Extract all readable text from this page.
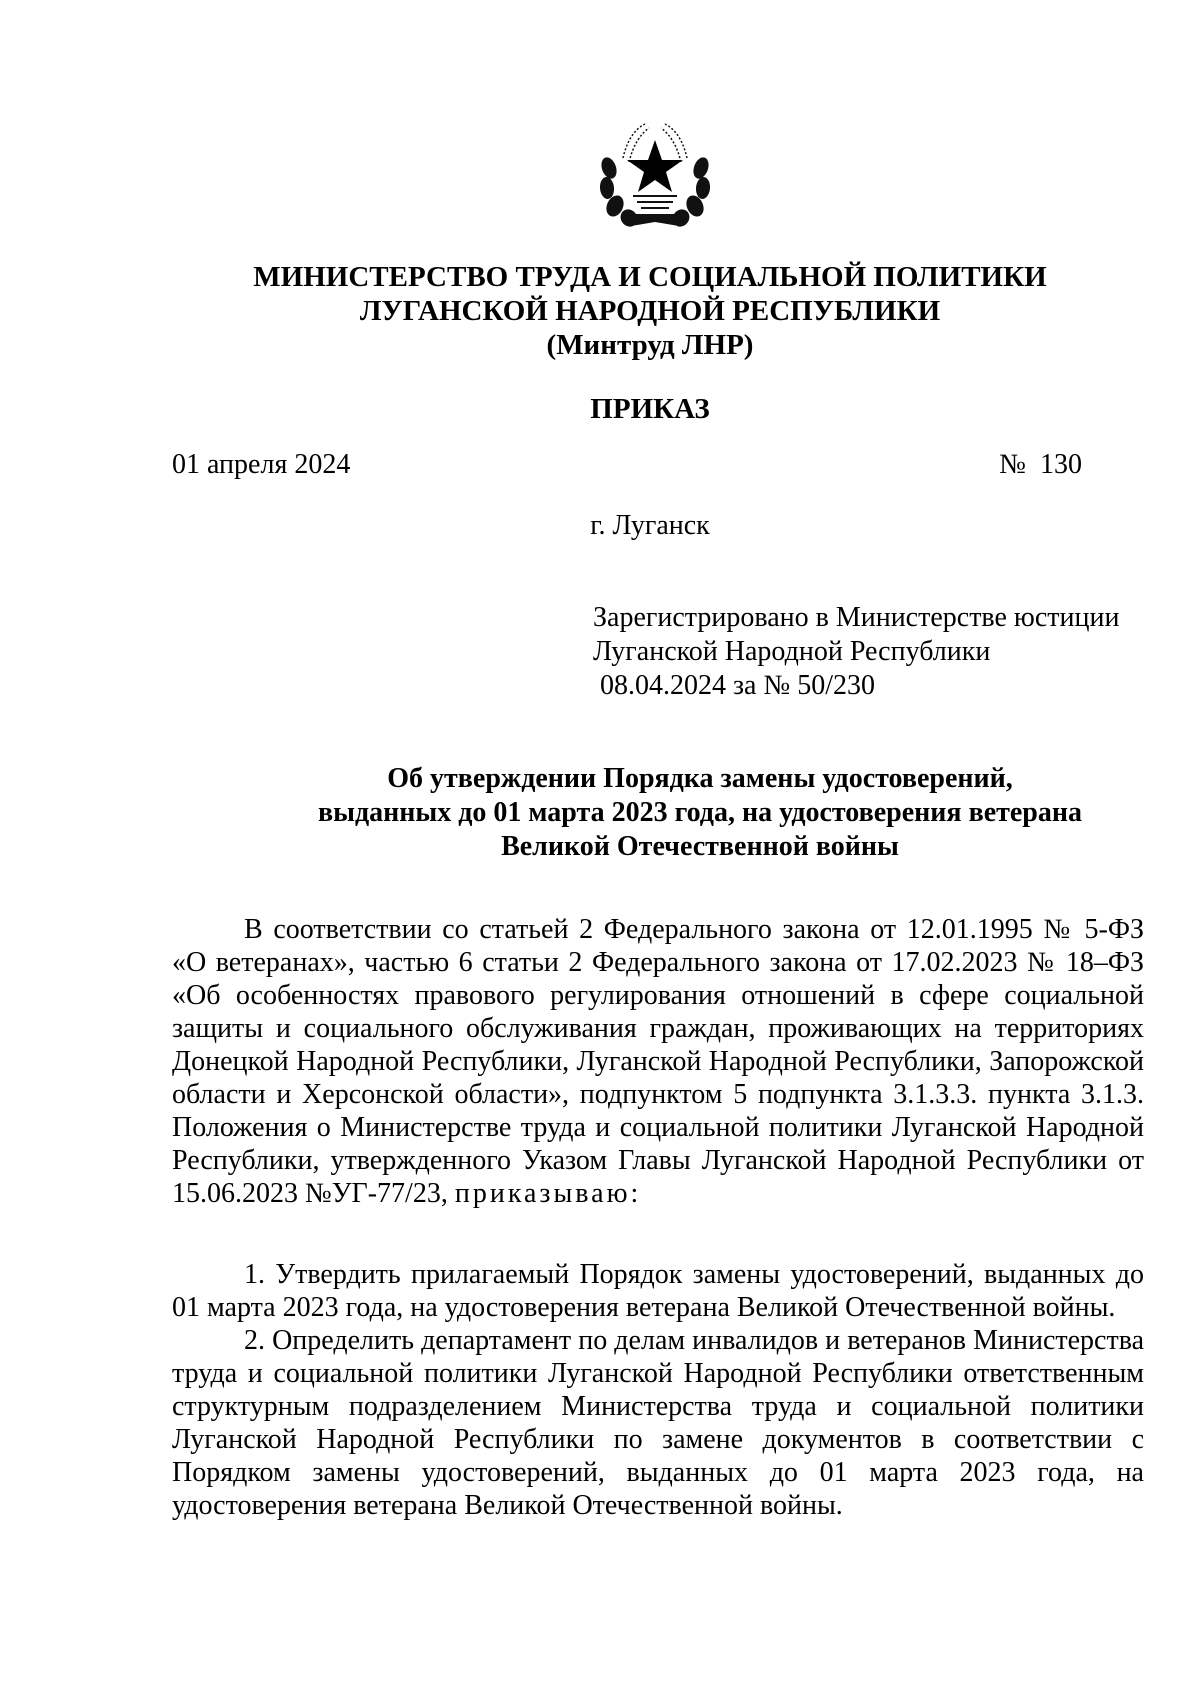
МИНИСТЕРСТВО ТРУДА И СОЦИАЛЬНОЙ ПОЛИТИКИ
ЛУГАНСКОЙ НАРОДНОЙ РЕСПУБЛИКИ
(Минтруд ЛНР)
ПРИКАЗ
01 апреля 2024	№  130
г. Луганск
Зарегистрировано в Министерстве юстиции
Луганской Народной Республики
08.04.2024 за № 50/230
Об утверждении Порядка замены удостоверений,
выданных до 01 марта 2023 года, на удостоверения ветерана
Великой Отечественной войны

В соответствии со статьей 2 Федерального закона от 12.01.1995 № 5-ФЗ «О ветеранах», частью 6 статьи 2 Федерального закона от 17.02.2023 № 18–ФЗ «Об особенностях правового регулирования отношений в сфере социальной защиты и социального обслуживания граждан, проживающих на территориях Донецкой Народной Республики, Луганской Народной Республики, Запорожской области и Херсонской области», подпунктом 5 подпункта 3.1.3.3. пункта 3.1.3. Положения о Министерстве труда и социальной политики Луганской Народной Республики, утвержденного Указом Главы Луганской Народной Республики от 15.06.2023 №УГ-77/23, приказываю:

1. Утвердить прилагаемый Порядок замены удостоверений, выданных до 01 марта 2023 года, на удостоверения ветерана Великой Отечественной войны.

2. Определить департамент по делам инвалидов и ветеранов Министерства труда и социальной политики Луганской Народной Республики ответственным структурным подразделением Министерства труда и социальной политики Луганской Народной Республики по замене документов в соответствии с Порядком замены удостоверений, выданных до 01 марта 2023 года, на удостоверения ветерана Великой Отечественной войны.
